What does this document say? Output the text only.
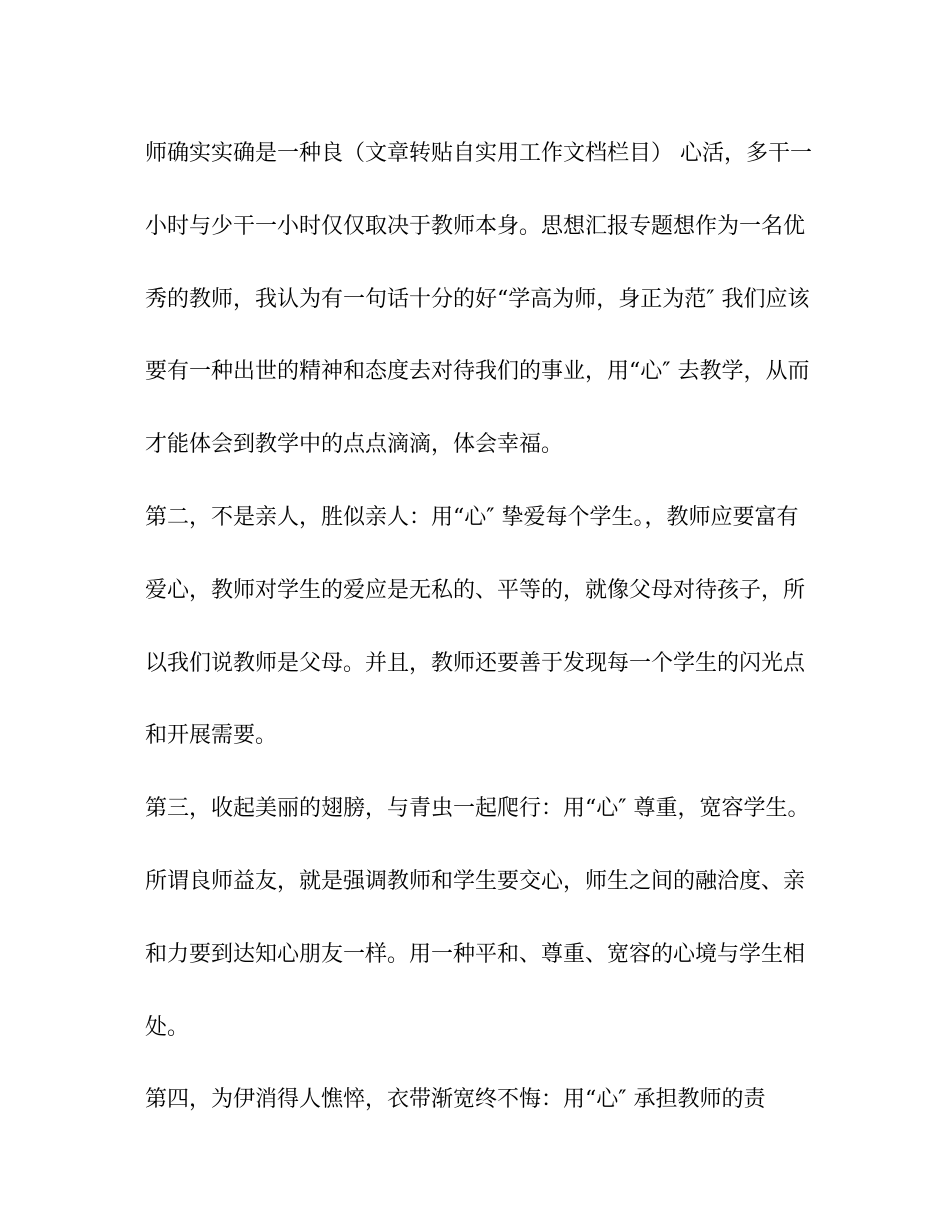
师确实实确是一种良（文章转贴自实用工作文档栏目） 心活，多干一
小时与少干一小时仅仅取决于教师本身。思想汇报专题想作为一名优
秀的教师，我认为有一句话十分的好“学高为师，身正为范″ 我们应该
要有一种出世的精神和态度去对待我们的事业，用“心″ 去教学，从而
才能体会到教学中的点点滴滴，体会幸福。
第二，不是亲人，胜似亲人：用“心″ 挚爱每个学生。，教师应要富有
爱心，教师对学生的爱应是无私的、平等的，就像父母对待孩子，所
以我们说教师是父母。并且，教师还要善于发现每一个学生的闪光点
和开展需要。
第三，收起美丽的翅膀，与青虫一起爬行：用“心″ 尊重，宽容学生。
所谓良师益友，就是强调教师和学生要交心，师生之间的融洽度、亲
和力要到达知心朋友一样。用一种平和、尊重、宽容的心境与学生相
处。
第四，为伊消得人憔悴，衣带渐宽终不悔：用“心″ 承担教师的责
